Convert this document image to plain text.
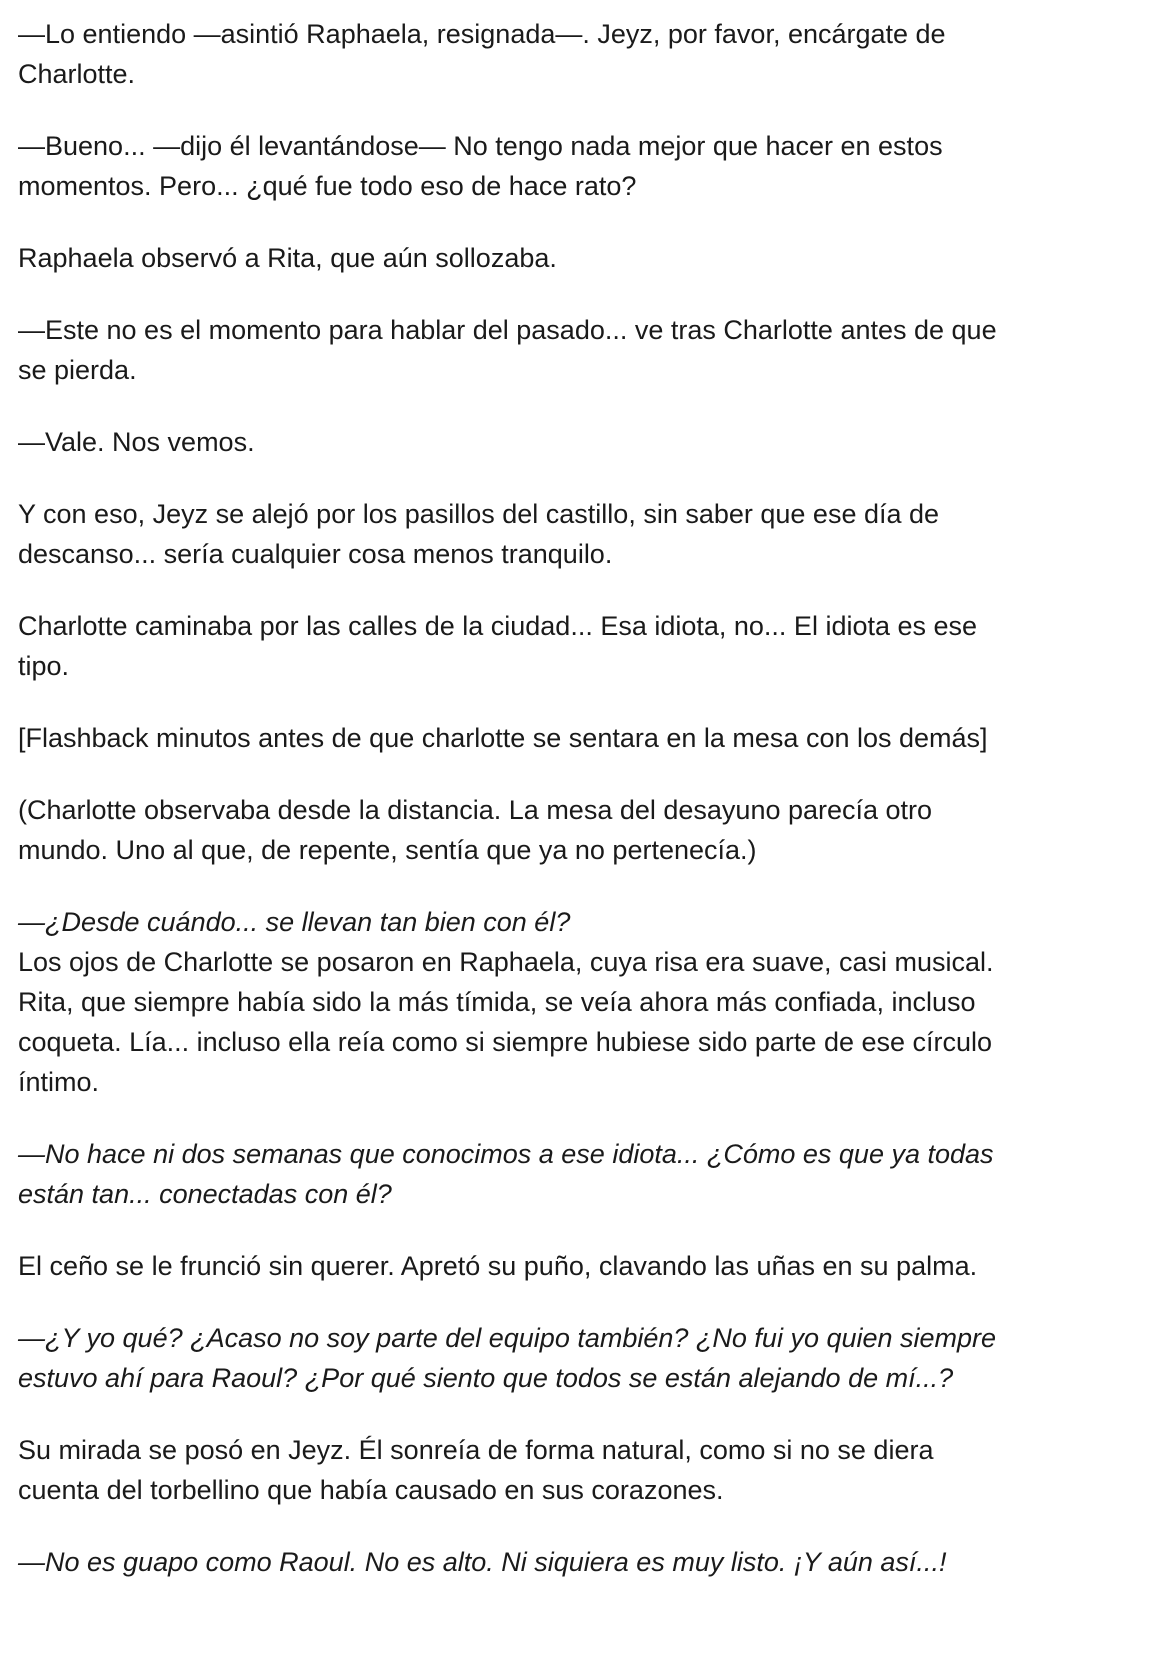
—Lo entiendo —asintió Raphaela, resignada—. Jeyz, por favor, encárgate de
Charlotte.

—Bueno... —dijo él levantándose— No tengo nada mejor que hacer en estos
momentos. Pero... ¿qué fue todo eso de hace rato?

Raphaela observó a Rita, que aún sollozaba.

—Este no es el momento para hablar del pasado... ve tras Charlotte antes de que
se pierda.

—Vale. Nos vemos.

Y con eso, Jeyz se alejó por los pasillos del castillo, sin saber que ese día de
descanso... sería cualquier cosa menos tranquilo.

Charlotte caminaba por las calles de la ciudad... Esa idiota, no... El idiota es ese
tipo.

[Flashback minutos antes de que charlotte se sentara en la mesa con los demás]

(Charlotte observaba desde la distancia. La mesa del desayuno parecía otro
mundo. Uno al que, de repente, sentía que ya no pertenecía.)

—¿Desde cuándo... se llevan tan bien con él?

Los ojos de Charlotte se posaron en Raphaela, cuya risa era suave, casi musical.
Rita, que siempre había sido la más tímida, se veía ahora más confiada, incluso
coqueta. Lía... incluso ella reía como si siempre hubiese sido parte de ese círculo
íntimo.

—No hace ni dos semanas que conocimos a ese idiota... ¿Cómo es que ya todas
están tan... conectadas con él?

El ceño se le frunció sin querer. Apretó su puño, clavando las uñas en su palma.

—¿Y yo qué? ¿Acaso no soy parte del equipo también? ¿No fui yo quien siempre
estuvo ahí para Raoul? ¿Por qué siento que todos se están alejando de mí...?

Su mirada se posó en Jeyz. Él sonreía de forma natural, como si no se diera
cuenta del torbellino que había causado en sus corazones.

—No es guapo como Raoul. No es alto. Ni siquiera es muy listo. ¡Y aún así...!
